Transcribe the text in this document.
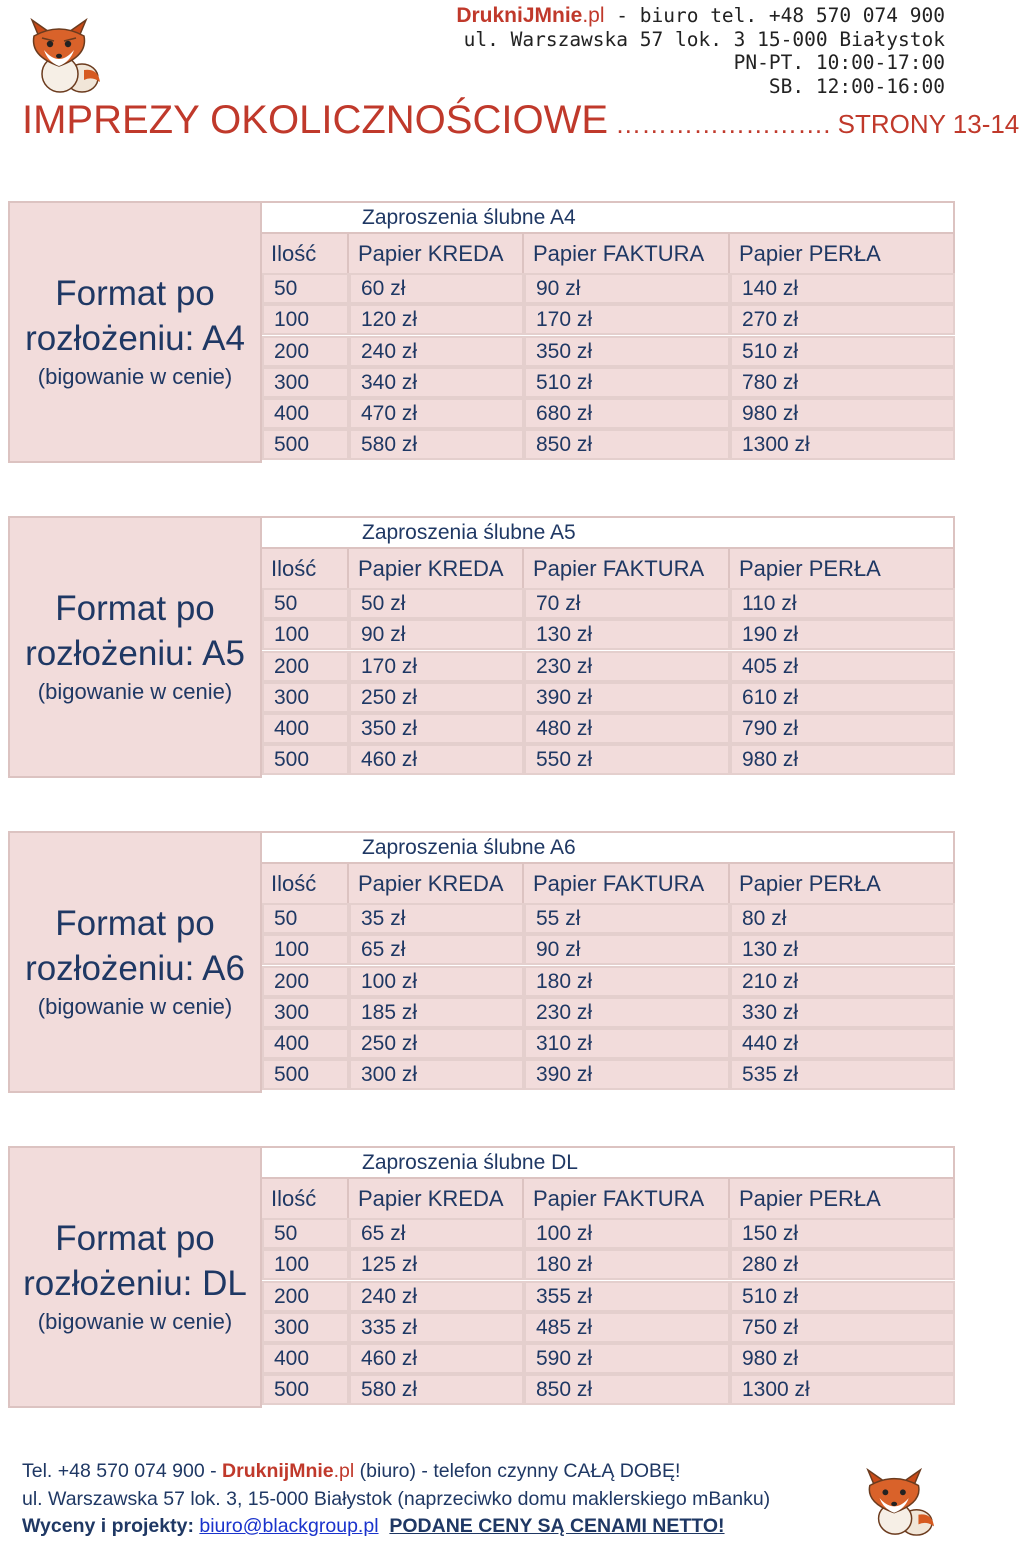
DrukniJMnie.pl - biuro tel. +48 570 074 900
ul. Warszawska 57 lok. 3 15-000 Białystok
PN-PT. 10:00-17:00
SB. 12:00-16:00
IMPREZY OKOLICZNOŚCIOWE ……………………. STRONY 13-14
Format po
rozłożeniu: A4
(bigowanie w cenie)
Zaproszenia ślubne A4
Ilość	Papier KREDA	Papier FAKTURA	Papier PERŁA
50	60 zł	90 zł	140 zł
100	120 zł	170 zł	270 zł
200	240 zł	350 zł	510 zł
300	340 zł	510 zł	780 zł
400	470 zł	680 zł	980 zł
500	580 zł	850 zł	1300 zł
Format po
rozłożeniu: A5
(bigowanie w cenie)
Zaproszenia ślubne A5
Ilość	Papier KREDA	Papier FAKTURA	Papier PERŁA
50	50 zł	70 zł	110 zł
100	90 zł	130 zł	190 zł
200	170 zł	230 zł	405 zł
300	250 zł	390 zł	610 zł
400	350 zł	480 zł	790 zł
500	460 zł	550 zł	980 zł
Format po
rozłożeniu: A6
(bigowanie w cenie)
Zaproszenia ślubne A6
Ilość	Papier KREDA	Papier FAKTURA	Papier PERŁA
50	35 zł	55 zł	80 zł
100	65 zł	90 zł	130 zł
200	100 zł	180 zł	210 zł
300	185 zł	230 zł	330 zł
400	250 zł	310 zł	440 zł
500	300 zł	390 zł	535 zł
Format po
rozłożeniu: DL
(bigowanie w cenie)
Zaproszenia ślubne DL
Ilość	Papier KREDA	Papier FAKTURA	Papier PERŁA
50	65 zł	100 zł	150 zł
100	125 zł	180 zł	280 zł
200	240 zł	355 zł	510 zł
300	335 zł	485 zł	750 zł
400	460 zł	590 zł	980 zł
500	580 zł	850 zł	1300 zł
Tel. +48 570 074 900 - DruknijMnie.pl (biuro) - telefon czynny CAŁĄ DOBĘ!
ul. Warszawska 57 lok. 3, 15-000 Białystok (naprzeciwko domu maklerskiego mBanku)
Wyceny i projekty: biuro@blackgroup.pl PODANE CENY SĄ CENAMI NETTO!
